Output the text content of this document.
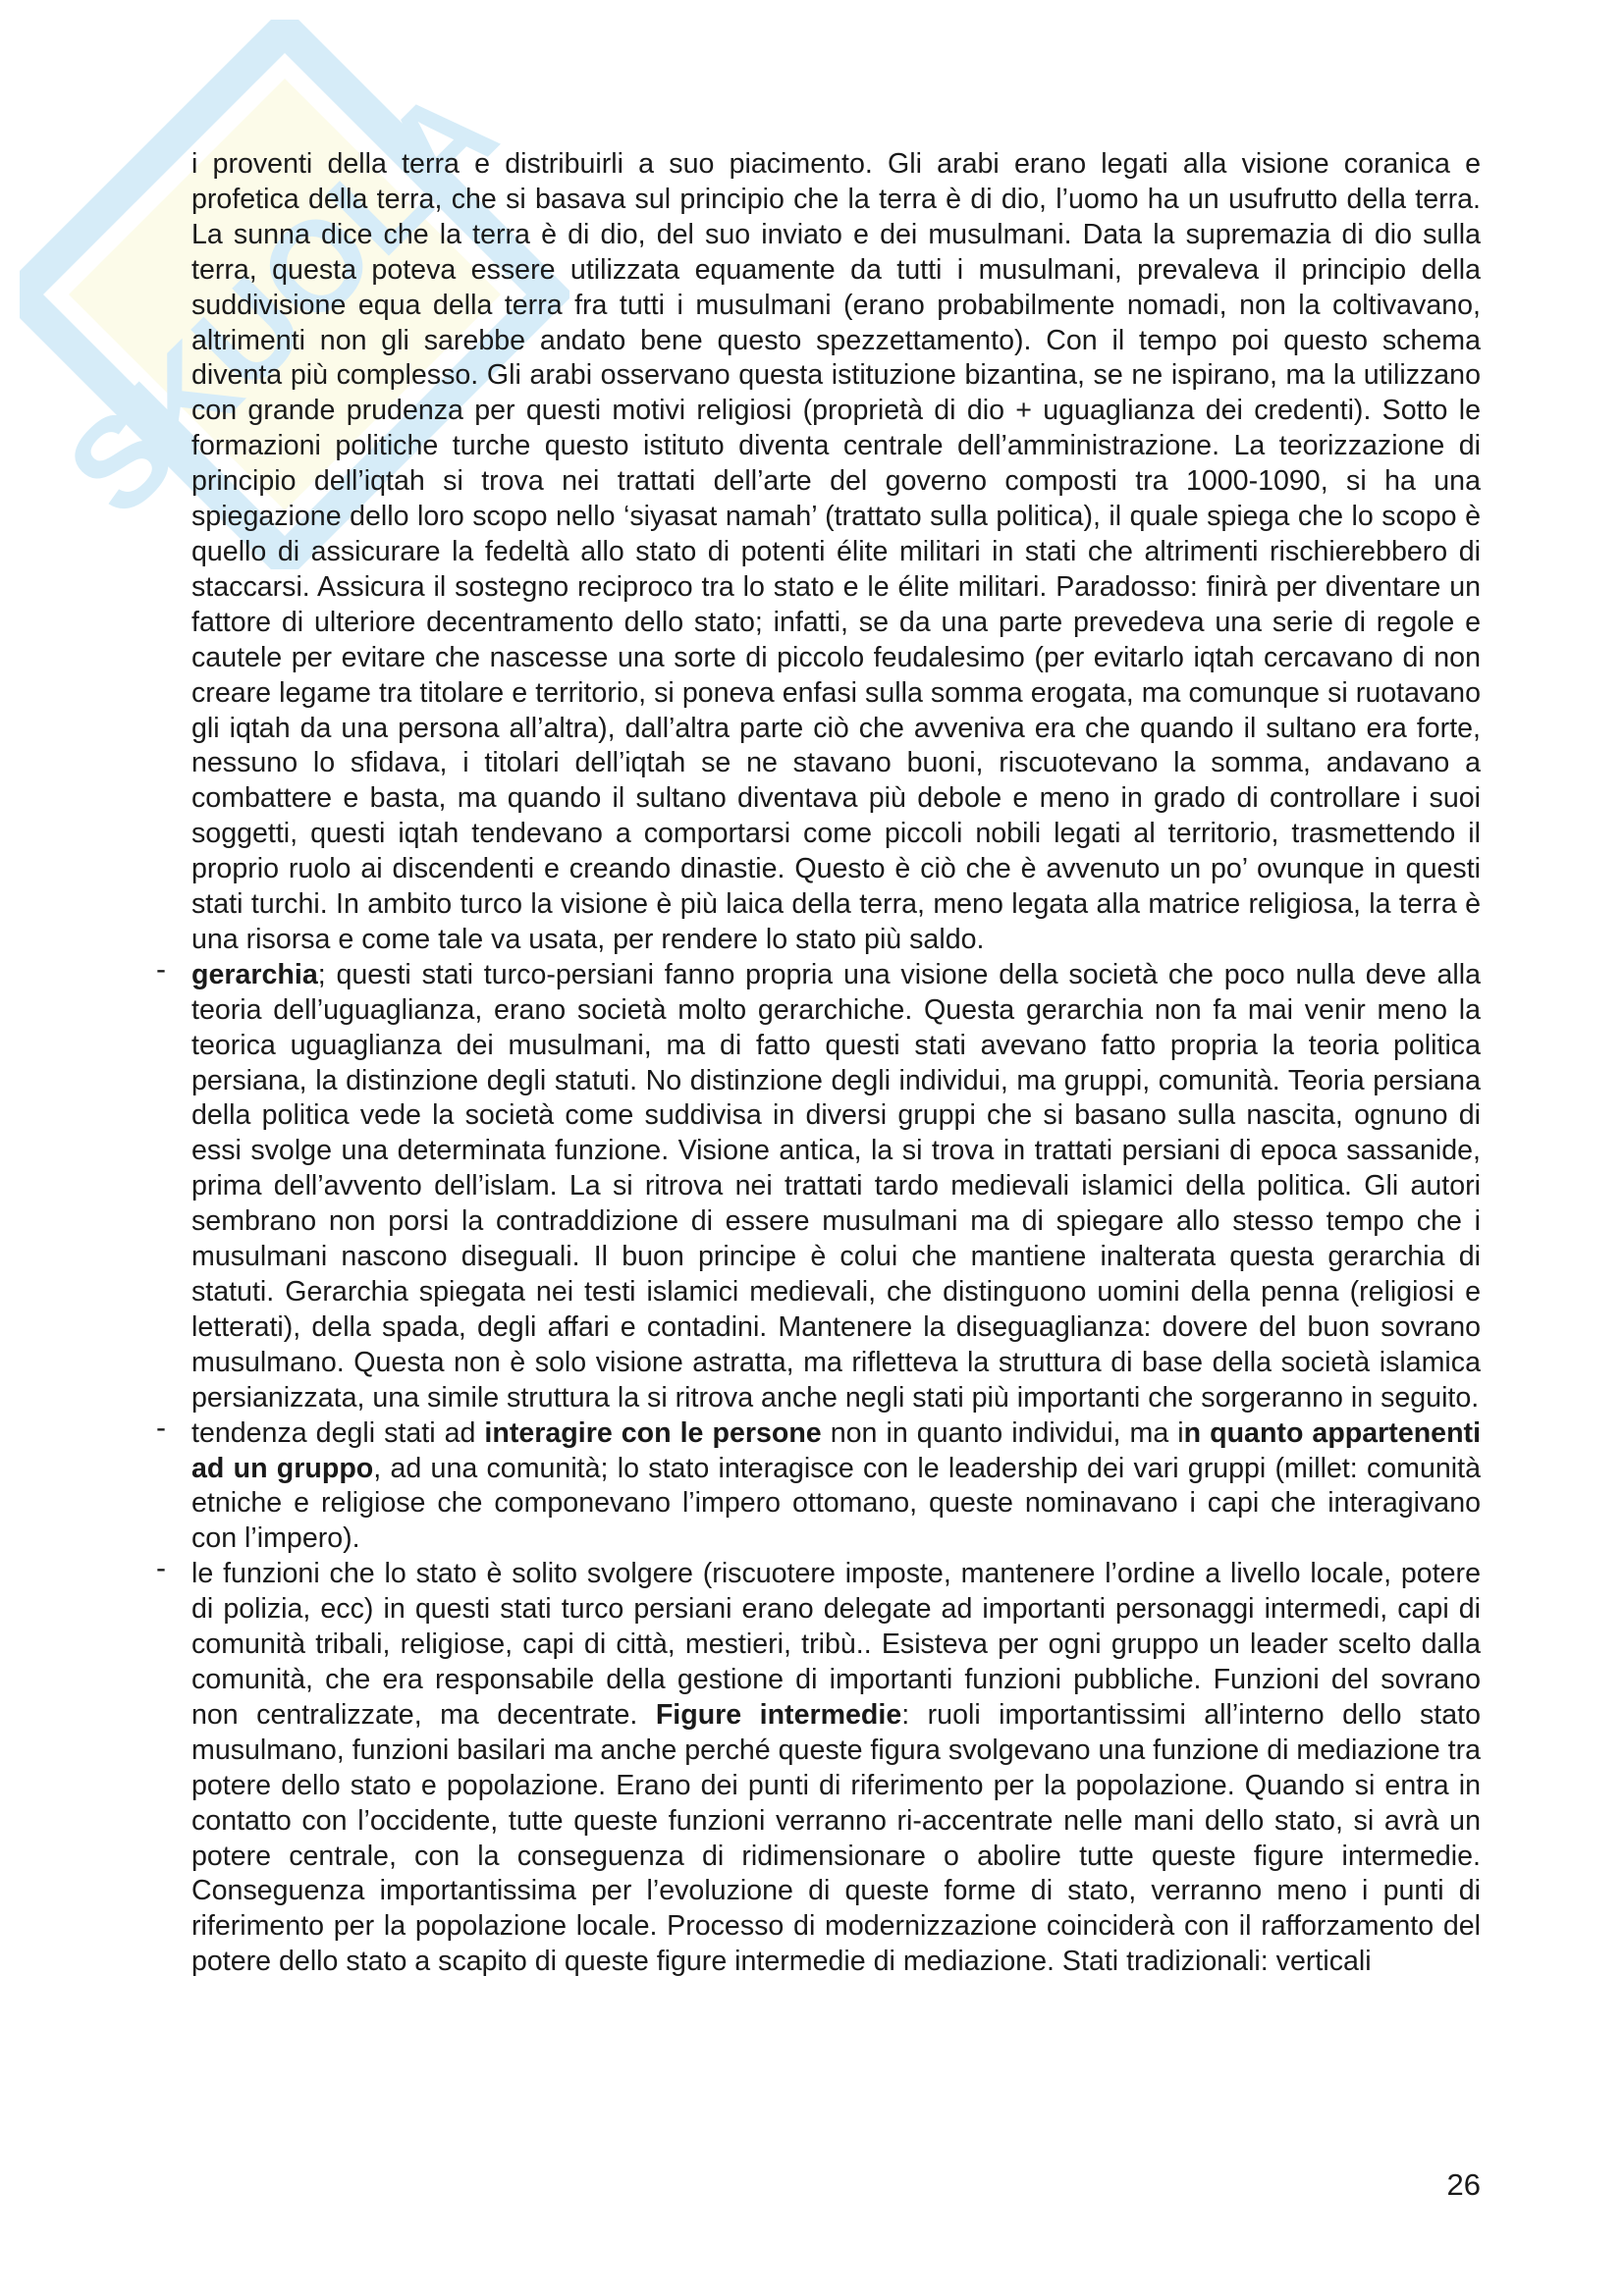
SKUOLA

i proventi della terra e distribuirli a suo piacimento. Gli arabi erano legati alla visione coranica e profetica della terra, che si basava sul principio che la terra è di dio, l’uomo ha un usufrutto della terra. La sunna dice che la terra è di dio, del suo inviato e dei musulmani. Data la supremazia di dio sulla terra, questa poteva essere utilizzata equamente da tutti i musulmani, prevaleva il principio della suddivisione equa della terra fra tutti i musulmani (erano probabilmente nomadi, non la coltivavano, altrimenti non gli sarebbe andato bene questo spezzettamento). Con il tempo poi questo schema diventa più complesso. Gli arabi osservano questa istituzione bizantina, se ne ispirano, ma la utilizzano con grande prudenza per questi motivi religiosi (proprietà di dio + uguaglianza dei credenti). Sotto le formazioni politiche turche questo istituto diventa centrale dell’amministrazione. La teorizzazione di principio dell’iqtah si trova nei trattati dell’arte del governo composti tra 1000-1090, si ha una spiegazione dello loro scopo nello ‘siyasat namah’ (trattato sulla politica), il quale spiega che lo scopo è quello di assicurare la fedeltà allo stato di potenti élite militari in stati che altrimenti rischierebbero di staccarsi. Assicura il sostegno reciproco tra lo stato e le élite militari. Paradosso: finirà per diventare un fattore di ulteriore decentramento dello stato; infatti, se da una parte prevedeva una serie di regole e cautele per evitare che nascesse una sorte di piccolo feudalesimo (per evitarlo iqtah cercavano di non creare legame tra titolare e territorio, si poneva enfasi sulla somma erogata, ma comunque si ruotavano gli iqtah da una persona all’altra), dall’altra parte ciò che avveniva era che quando il sultano era forte, nessuno lo sfidava, i titolari dell’iqtah se ne stavano buoni, riscuotevano la somma, andavano a combattere e basta, ma quando il sultano diventava più debole e meno in grado di controllare i suoi soggetti, questi iqtah tendevano a comportarsi come piccoli nobili legati al territorio, trasmettendo il proprio ruolo ai discendenti e creando dinastie. Questo è ciò che è avvenuto un po’ ovunque in questi stati turchi. In ambito turco la visione è più laica della terra, meno legata alla matrice religiosa, la terra è una risorsa e come tale va usata, per rendere lo stato più saldo.

- gerarchia; questi stati turco-persiani fanno propria una visione della società che poco nulla deve alla teoria dell’uguaglianza, erano società molto gerarchiche. Questa gerarchia non fa mai venir meno la teorica uguaglianza dei musulmani, ma di fatto questi stati avevano fatto propria la teoria politica persiana, la distinzione degli statuti. No distinzione degli individui, ma gruppi, comunità. Teoria persiana della politica vede la società come suddivisa in diversi gruppi che si basano sulla nascita, ognuno di essi svolge una determinata funzione. Visione antica, la si trova in trattati persiani di epoca sassanide, prima dell’avvento dell’islam. La si ritrova nei trattati tardo medievali islamici della politica. Gli autori sembrano non porsi la contraddizione di essere musulmani ma di spiegare allo stesso tempo che i musulmani nascono diseguali. Il buon principe è colui che mantiene inalterata questa gerarchia di statuti. Gerarchia spiegata nei testi islamici medievali, che distinguono uomini della penna (religiosi e letterati), della spada, degli affari e contadini. Mantenere la diseguaglianza: dovere del buon sovrano musulmano. Questa non è solo visione astratta, ma rifletteva la struttura di base della società islamica persianizzata, una simile struttura la si ritrova anche negli stati più importanti che sorgeranno in seguito.

- tendenza degli stati ad interagire con le persone non in quanto individui, ma in quanto appartenenti ad un gruppo, ad una comunità; lo stato interagisce con le leadership dei vari gruppi (millet: comunità etniche e religiose che componevano l’impero ottomano, queste nominavano i capi che interagivano con l’impero).

- le funzioni che lo stato è solito svolgere (riscuotere imposte, mantenere l’ordine a livello locale, potere di polizia, ecc) in questi stati turco persiani erano delegate ad importanti personaggi intermedi, capi di comunità tribali, religiose, capi di città, mestieri, tribù.. Esisteva per ogni gruppo un leader scelto dalla comunità, che era responsabile della gestione di importanti funzioni pubbliche. Funzioni del sovrano non centralizzate, ma decentrate. Figure intermedie: ruoli importantissimi all’interno dello stato musulmano, funzioni basilari ma anche perché queste figura svolgevano una funzione di mediazione tra potere dello stato e popolazione. Erano dei punti di riferimento per la popolazione. Quando si entra in contatto con l’occidente, tutte queste funzioni verranno ri-accentrate nelle mani dello stato, si avrà un potere centrale, con la conseguenza di ridimensionare o abolire tutte queste figure intermedie. Conseguenza importantissima per l’evoluzione di queste forme di stato, verranno meno i punti di riferimento per la popolazione locale. Processo di modernizzazione coinciderà con il rafforzamento del potere dello stato a scapito di queste figure intermedie di mediazione. Stati tradizionali: verticali

26
